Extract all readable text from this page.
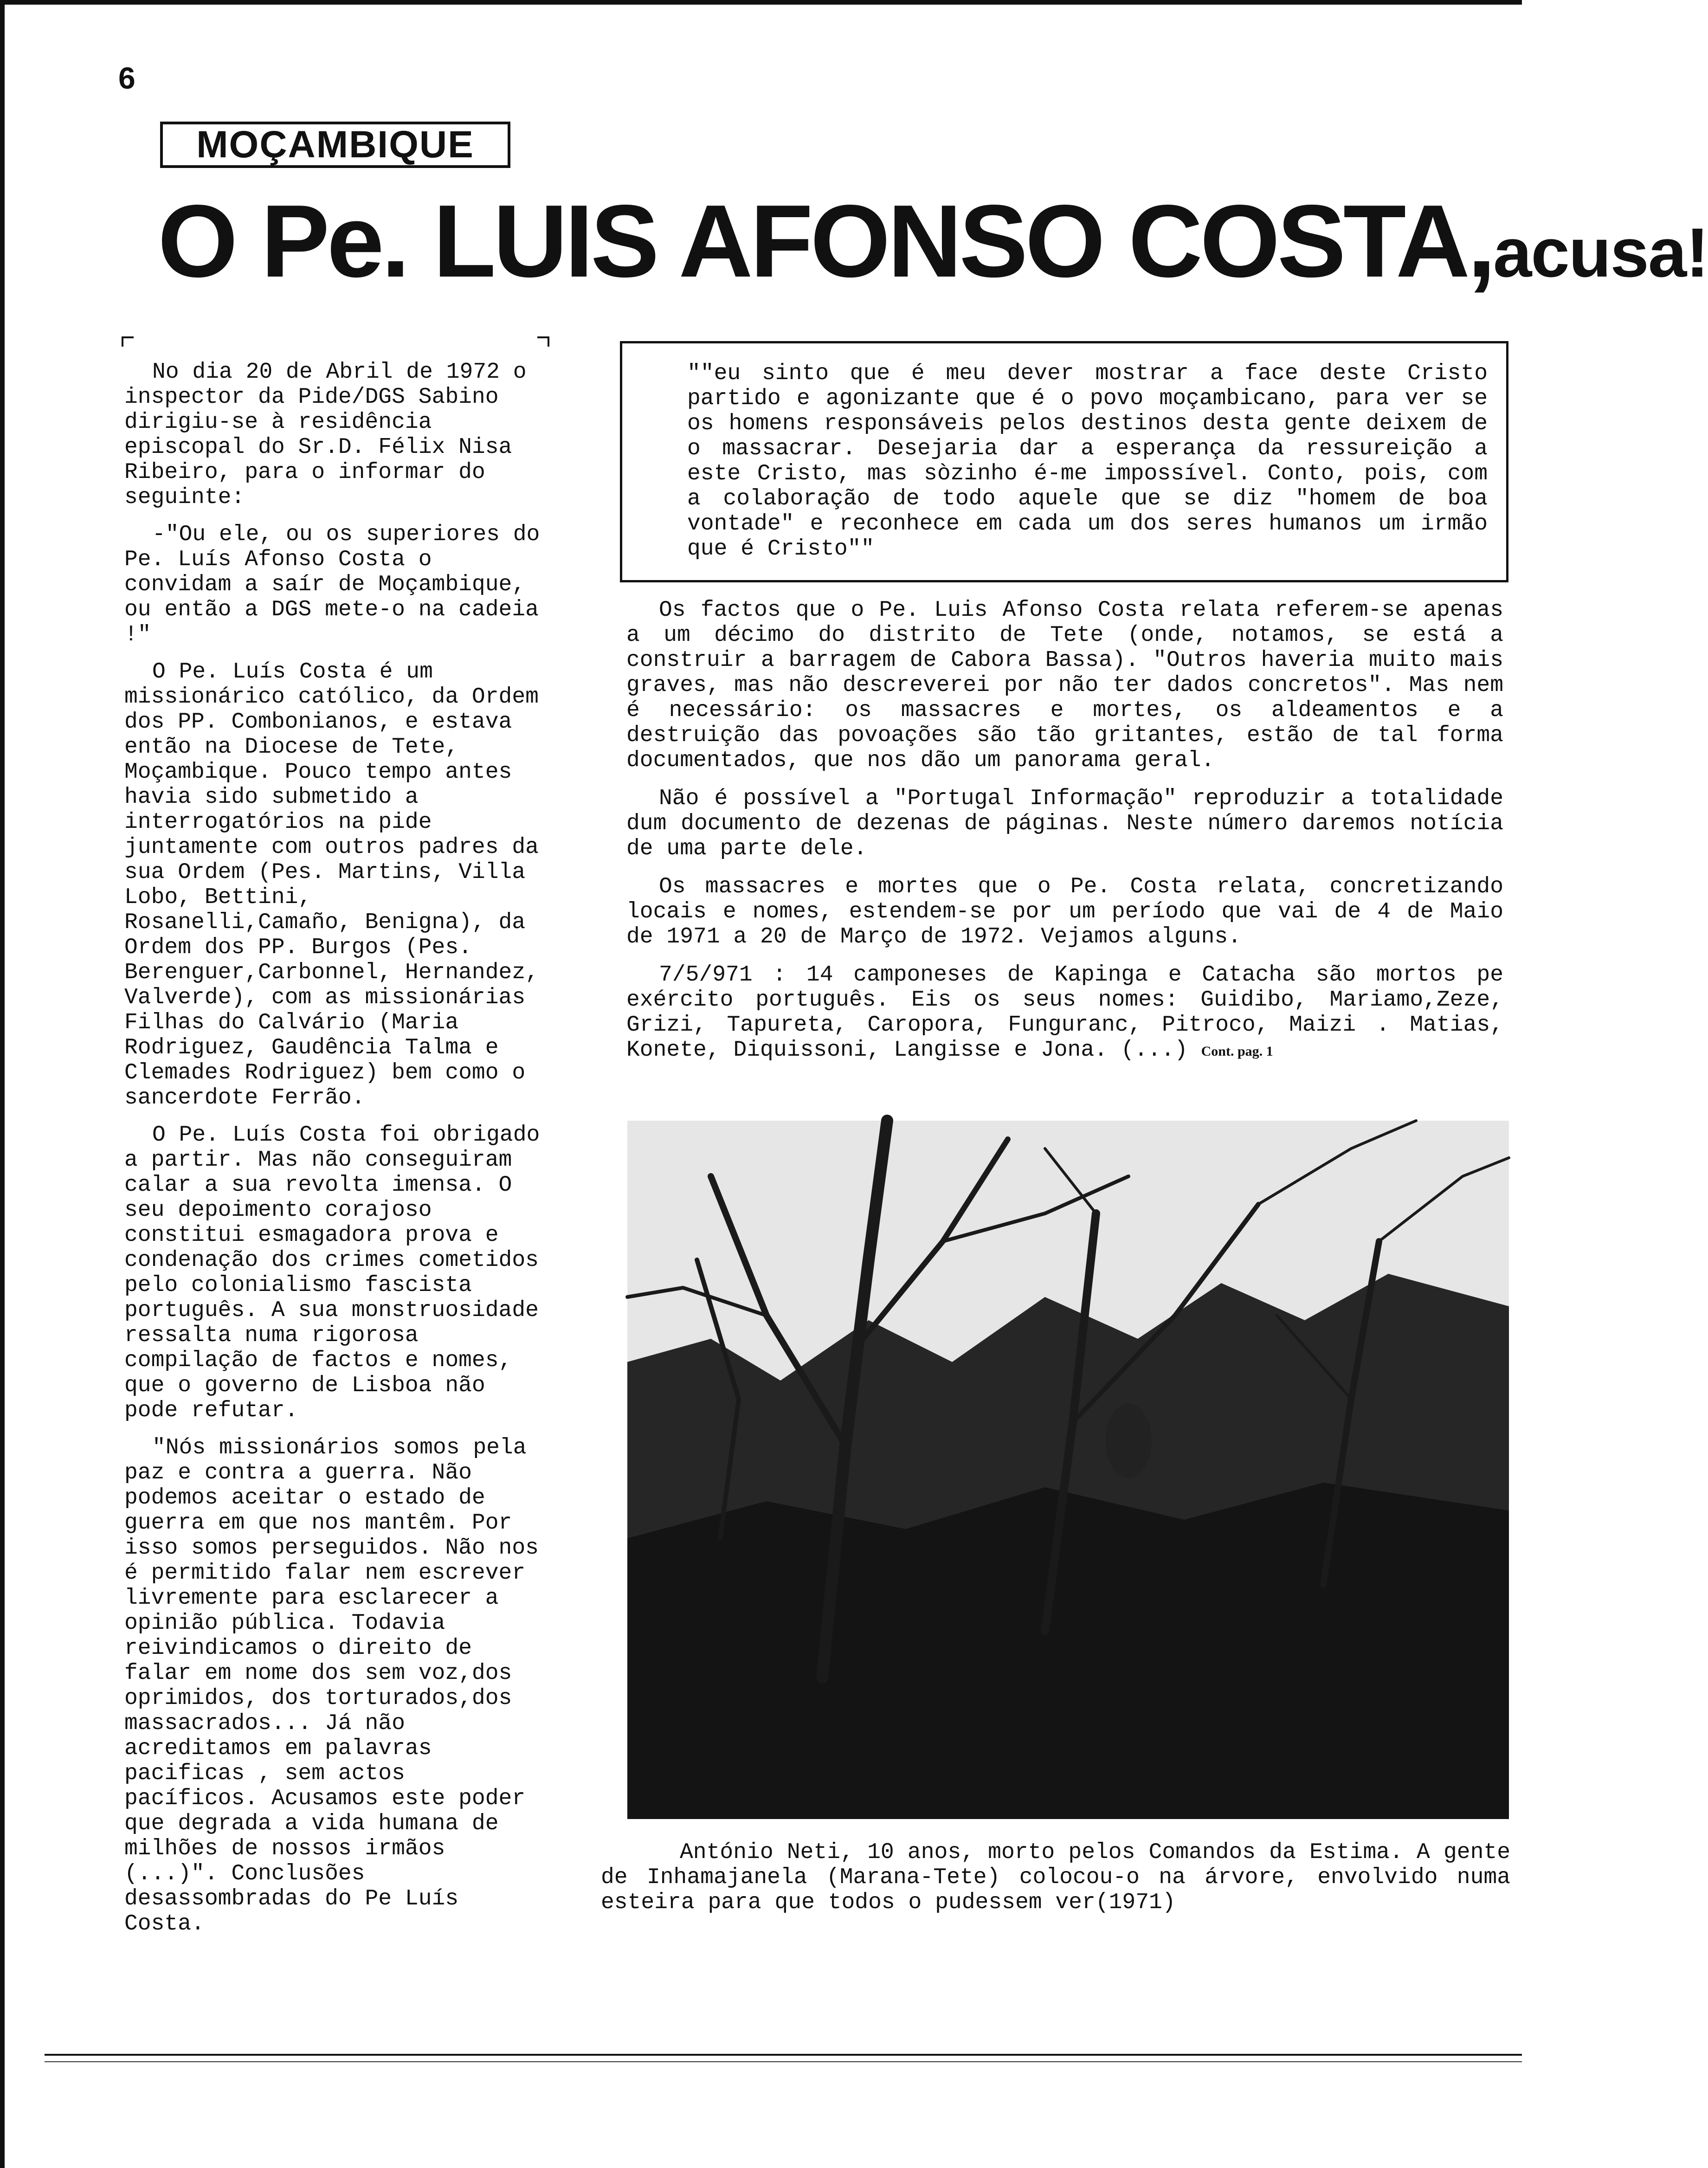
6
MOÇAMBIQUE
O Pe. LUIS AFONSO COSTA,acusa!

No dia 20 de Abril de 1972 o inspector da Pide/DGS Sabino dirigiu-se à residência episcopal do Sr.D. Félix Nisa Ribeiro, para o informar do seguinte:

-"Ou ele, ou os superiores do Pe. Luís Afonso Costa o convidam a saír de Moçambique, ou então a DGS mete-o na cadeia !"

O Pe. Luís Costa é um missionárico católico, da Ordem dos PP. Combonianos, e estava então na Diocese de Tete, Moçambique. Pouco tempo antes havia sido submetido a interrogatórios na pide juntamente com outros padres da sua Ordem (Pes. Martins, Villa Lobo, Bettini, Rosanelli,Camaño, Benigna), da Ordem dos PP. Burgos (Pes. Berenguer,Carbonnel, Hernandez, Valverde), com as missionárias Filhas do Calvário (Maria Rodriguez, Gaudência Talma e Clemades Rodriguez) bem como o sancerdote Ferrão.

O Pe. Luís Costa foi obrigado a partir. Mas não conseguiram calar a sua revolta imensa. O seu depoimento corajoso constitui esmagadora prova e condenação dos crimes cometidos pelo colonialismo fascista português. A sua monstruosidade ressalta numa rigorosa compilação de factos e nomes, que o governo de Lisboa não pode refutar.

"Nós missionários somos pela paz e contra a guerra. Não podemos aceitar o estado de guerra em que nos mantêm. Por isso somos perseguidos. Não nos é permitido falar nem escrever livremente para esclarecer a opinião pública. Todavia reivindicamos o direito de falar em nome dos sem voz,dos oprimidos, dos torturados,dos massacrados... Já não acreditamos em palavras pacificas , sem actos pacíficos. Acusamos este poder que degrada a vida humana de milhões de nossos irmãos (...)". Conclusões desassombradas do Pe Luís Costa.

""eu sinto que é meu dever mostrar a face deste Cristo partido e agonizante que é o povo moçambicano, para ver se os homens responsáveis pelos destinos desta gente deixem de o massacrar. Desejaria dar a esperança da ressureição a este Cristo, mas sòzinho é-me impossível. Conto, pois, com a colaboração de todo aquele que se diz "homem de boa vontade" e reconhece em cada um dos seres humanos um irmão que é Cristo""

Os factos que o Pe. Luis Afonso Costa relata referem-se apenas a um décimo do distrito de Tete (onde, notamos, se está a construir a barragem de Cabora Bassa). "Outros haveria muito mais graves, mas não descreverei por não ter dados concretos". Mas nem é necessário: os massacres e mortes, os aldeamentos e a destruição das povoações são tão gritantes, estão de tal forma documentados, que nos dão um panorama geral.

Não é possível a "Portugal Informação" reproduzir a totalidade dum documento de dezenas de páginas. Neste número daremos notícia de uma parte dele.

Os massacres e mortes que o Pe. Costa relata, concretizando locais e nomes, estendem-se por um período que vai de 4 de Maio de 1971 a 20 de Março de 1972. Vejamos alguns.

7/5/971 : 14 camponeses de Kapinga e Catacha são mortos pe exército português. Eis os seus nomes: Guidibo, Mariamo,Zeze, Grizi, Tapureta, Caropora, Funguranc, Pitroco, Maizi . Matias, Konete, Diquissoni, Langisse e Jona. (...) Cont. pag. 1

António Neti, 10 anos, morto pelos Comandos da Estima. A gente de Inhamajanela (Marana-Tete) colocou-o na árvore, envolvido numa esteira para que todos o pudessem ver(1971)
